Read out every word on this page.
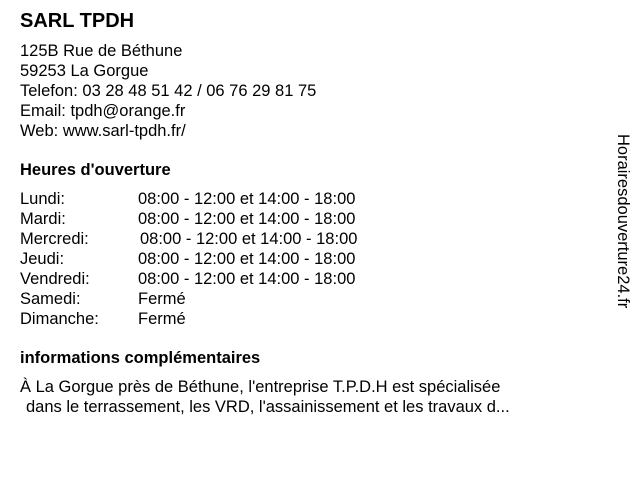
SARL TPDH
125B Rue de Béthune
59253 La Gorgue
Telefon: 03 28 48 51 42 / 06 76 29 81 75
Email: tpdh@orange.fr
Web: www.sarl-tpdh.fr/
Heures d'ouverture
Lundi:	08:00 - 12:00 et 14:00 - 18:00
Mardi:	08:00 - 12:00 et 14:00 - 18:00
Mercredi:	08:00 - 12:00 et 14:00 - 18:00
Jeudi:	08:00 - 12:00 et 14:00 - 18:00
Vendredi:	08:00 - 12:00 et 14:00 - 18:00
Samedi:	Fermé
Dimanche:	Fermé
informations complémentaires
À La Gorgue près de Béthune, l'entreprise T.P.D.H est spécialisée
dans le terrassement, les VRD, l'assainissement et les travaux d...
Horairesdouverture24.fr
